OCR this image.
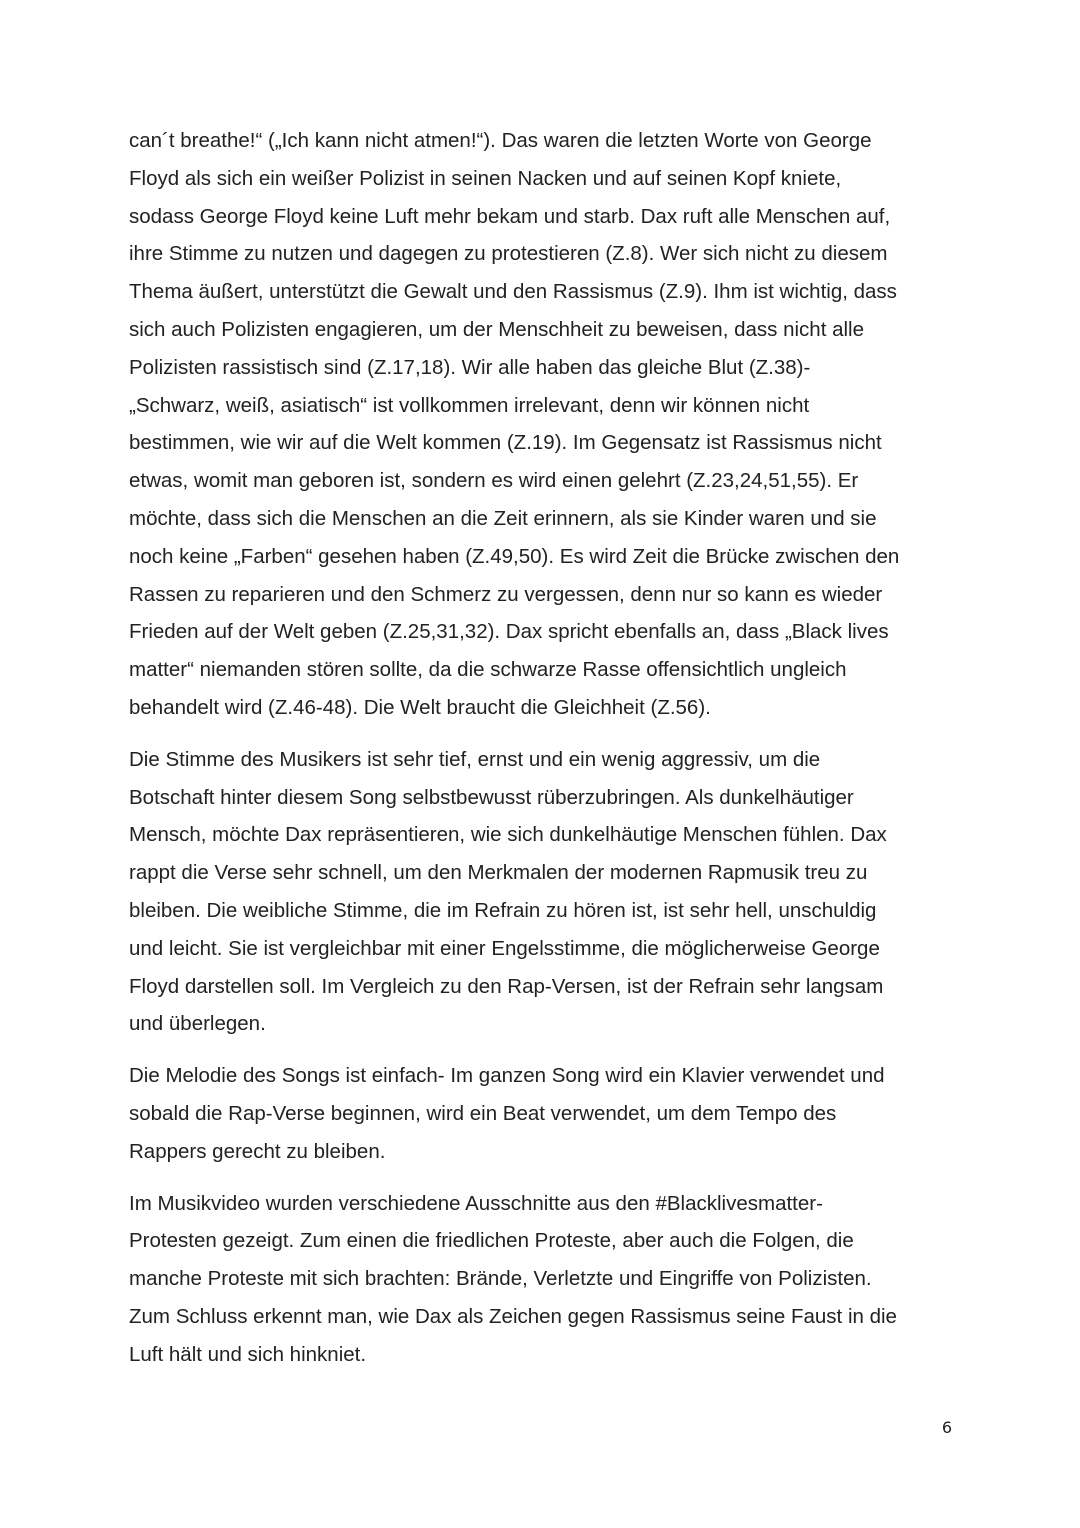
can´t breathe!“ („Ich kann nicht atmen!“). Das waren die letzten Worte von George
Floyd als sich ein weißer Polizist in seinen Nacken und auf seinen Kopf kniete,
sodass George Floyd keine Luft mehr bekam und starb. Dax ruft alle Menschen auf,
ihre Stimme zu nutzen und dagegen zu protestieren (Z.8). Wer sich nicht zu diesem
Thema äußert, unterstützt die Gewalt und den Rassismus (Z.9). Ihm ist wichtig, dass
sich auch Polizisten engagieren, um der Menschheit zu beweisen, dass nicht alle
Polizisten rassistisch sind (Z.17,18). Wir alle haben das gleiche Blut (Z.38)-
„Schwarz, weiß, asiatisch“ ist vollkommen irrelevant, denn wir können nicht
bestimmen, wie wir auf die Welt kommen (Z.19). Im Gegensatz ist Rassismus nicht
etwas, womit man geboren ist, sondern es wird einen gelehrt (Z.23,24,51,55). Er
möchte, dass sich die Menschen an die Zeit erinnern, als sie Kinder waren und sie
noch keine „Farben“ gesehen haben (Z.49,50). Es wird Zeit die Brücke zwischen den
Rassen zu reparieren und den Schmerz zu vergessen, denn nur so kann es wieder
Frieden auf der Welt geben (Z.25,31,32). Dax spricht ebenfalls an, dass „Black lives
matter“ niemanden stören sollte, da die schwarze Rasse offensichtlich ungleich
behandelt wird (Z.46-48). Die Welt braucht die Gleichheit (Z.56).

Die Stimme des Musikers ist sehr tief, ernst und ein wenig aggressiv, um die
Botschaft hinter diesem Song selbstbewusst rüberzubringen. Als dunkelhäutiger
Mensch, möchte Dax repräsentieren, wie sich dunkelhäutige Menschen fühlen. Dax
rappt die Verse sehr schnell, um den Merkmalen der modernen Rapmusik treu zu
bleiben. Die weibliche Stimme, die im Refrain zu hören ist, ist sehr hell, unschuldig
und leicht. Sie ist vergleichbar mit einer Engelsstimme, die möglicherweise George
Floyd darstellen soll. Im Vergleich zu den Rap-Versen, ist der Refrain sehr langsam
und überlegen.

Die Melodie des Songs ist einfach- Im ganzen Song wird ein Klavier verwendet und
sobald die Rap-Verse beginnen, wird ein Beat verwendet, um dem Tempo des
Rappers gerecht zu bleiben.

Im Musikvideo wurden verschiedene Ausschnitte aus den #Blacklivesmatter-
Protesten gezeigt. Zum einen die friedlichen Proteste, aber auch die Folgen, die
manche Proteste mit sich brachten: Brände, Verletzte und Eingriffe von Polizisten.
Zum Schluss erkennt man, wie Dax als Zeichen gegen Rassismus seine Faust in die
Luft hält und sich hinkniet.

6
